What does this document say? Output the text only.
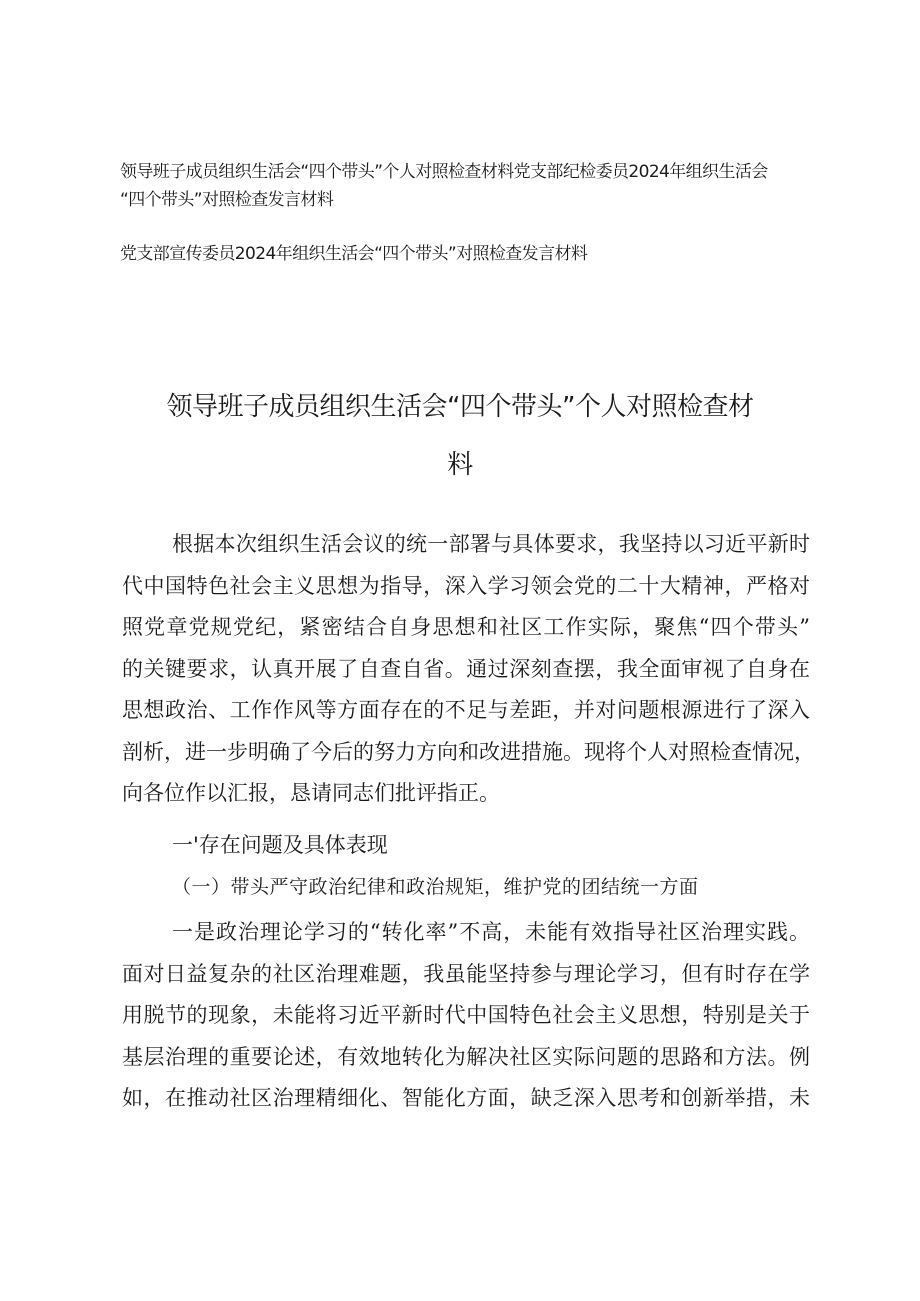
领导班子成员组织生活会“四个带头”个人对照检查材料党支部纪检委员2024年组织生活会
“四个带头”对照检查发言材料
党支部宣传委员2024年组织生活会“四个带头”对照检查发言材料
领导班子成员组织生活会“四个带头”个人对照检查材
料
根据本次组织生活会议的统一部署与具体要求，我坚持以习近平新时
代中国特色社会主义思想为指导，深入学习领会党的二十大精神，严格对
照党章党规党纪，紧密结合自身思想和社区工作实际，聚焦“四个带头”
的关键要求，认真开展了自查自省。通过深刻查摆，我全面审视了自身在
思想政治、工作作风等方面存在的不足与差距，并对问题根源进行了深入
剖析，进一步明确了今后的努力方向和改进措施。现将个人对照检查情况，
向各位作以汇报，恳请同志们批评指正。
一'存在问题及具体表现
（一）带头严守政治纪律和政治规矩，维护党的团结统一方面
一是政治理论学习的“转化率”不高，未能有效指导社区治理实践。
面对日益复杂的社区治理难题，我虽能坚持参与理论学习，但有时存在学
用脱节的现象，未能将习近平新时代中国特色社会主义思想，特别是关于
基层治理的重要论述，有效地转化为解决社区实际问题的思路和方法。例
如，在推动社区治理精细化、智能化方面，缺乏深入思考和创新举措，未
